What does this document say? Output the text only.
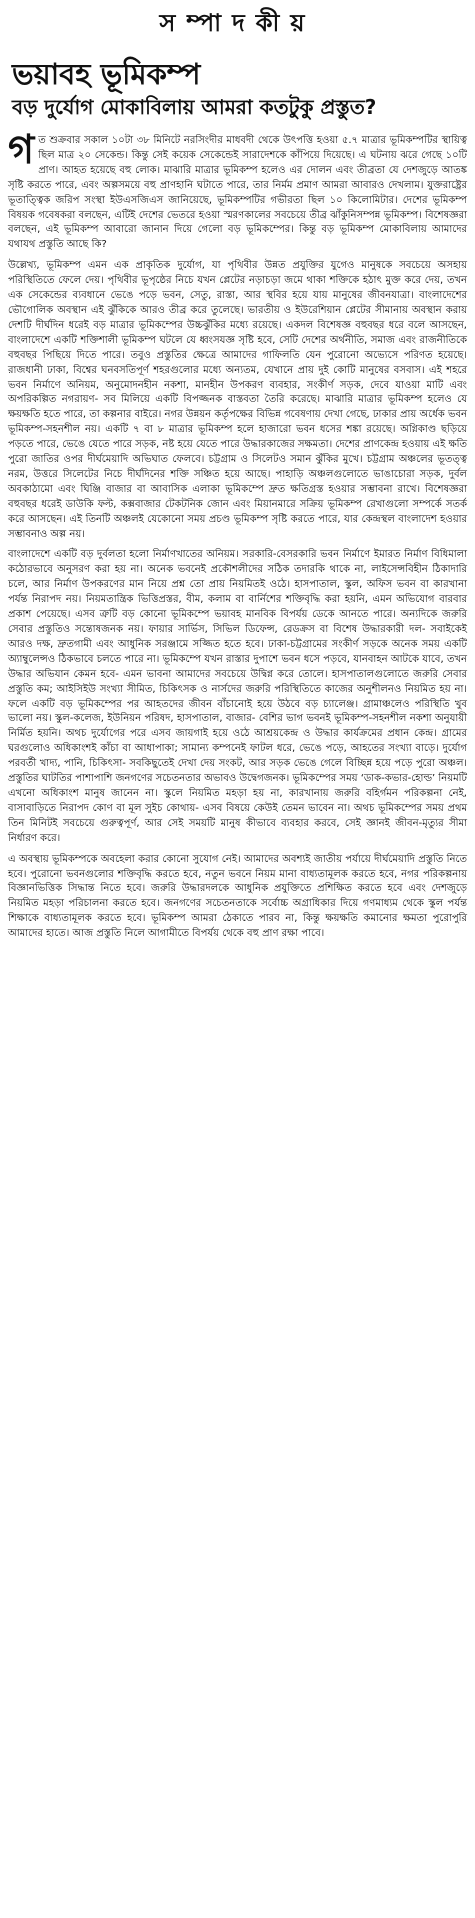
সম্পাদকীয়
ভয়াবহ ভূমিকম্প
বড় দুর্যোগ মোকাবিলায় আমরা কতটুকু প্রস্তুত?

গত শুক্রবার সকাল ১০টা ৩৮ মিনিটে নরসিংদীর মাধবদী থেকে উৎপত্তি হওয়া ৫.৭ মাত্রার ভূমিকম্পটির স্থায়িত্ব ছিল মাত্র ২০ সেকেন্ড। কিন্তু সেই কয়েক সেকেন্ডেই সারাদেশকে কাঁপিয়ে দিয়েছে। এ ঘটনায় ঝরে গেছে ১০টি প্রাণ। আহত হয়েছে বহু লোক। মাঝারি মাত্রার ভূমিকম্প হলেও এর দোলন এবং তীব্রতা যে দেশজুড়ে আতঙ্ক সৃষ্টি করতে পারে, এবং অল্পসময়ে বহু প্রাণহানি ঘটাতে পারে, তার নির্মম প্রমাণ আমরা আবারও দেখলাম। যুক্তরাষ্ট্রের ভূতাত্ত্বিক জরিপ সংস্থা ইউএসজিএস জানিয়েছে, ভূমিকম্পটির গভীরতা ছিল ১০ কিলোমিটার। দেশের ভূমিকম্প বিষয়ক গবেষকরা বলছেন, এটিই দেশের ভেতরে হওয়া স্মরণকালের সবচেয়ে তীব্র ঝাঁকুনিসম্পন্ন ভূমিকম্প। বিশেষজ্ঞরা বলছেন, এই ভূমিকম্প আবারো জানান দিয়ে গেলো বড় ভূমিকম্পের। কিন্তু বড় ভূমিকম্প মোকাবিলায় আমাদের যথাযথ প্রস্তুতি আছে কি?

উল্লেখ্য, ভূমিকম্প এমন এক প্রাকৃতিক দুর্যোগ, যা পৃথিবীর উন্নত প্রযুক্তির যুগেও মানুষকে সবচেয়ে অসহায় পরিস্থিতিতে ফেলে দেয়। পৃথিবীর ভূপৃষ্ঠের নিচে যখন প্লেটের নড়াচড়া জমে থাকা শক্তিকে হঠাৎ মুক্ত করে দেয়, তখন এক সেকেন্ডের ব্যবধানে ভেঙে পড়ে ভবন, সেতু, রাস্তা, আর স্থবির হয়ে যায় মানুষের জীবনযাত্রা। বাংলাদেশের ভৌগোলিক অবস্থান এই ঝুঁকিকে আরও তীব্র করে তুলেছে। ভারতীয় ও ইউরেশিয়ান প্লেটের সীমানায় অবস্থান করায় দেশটি দীর্ঘদিন ধরেই বড় মাত্রার ভূমিকম্পের উচ্চঝুঁকির মধ্যে রয়েছে। একদল বিশেষজ্ঞ বহুবছর ধরে বলে আসছেন, বাংলাদেশে একটি শক্তিশালী ভূমিকম্প ঘটলে যে ধ্বংসযজ্ঞ সৃষ্টি হবে, সেটি দেশের অর্থনীতি, সমাজ এবং রাজনীতিকে বহুবছর পিছিয়ে দিতে পারে। তবুও প্রস্তুতির ক্ষেত্রে আমাদের গাফিলতি যেন পুরোনো অভ্যেসে পরিণত হয়েছে। রাজধানী ঢাকা, বিশ্বের ঘনবসতিপূর্ণ শহরগুলোর মধ্যে অন্যতম, যেখানে প্রায় দুই কোটি মানুষের বসবাস। এই শহরে ভবন নির্মাণে অনিয়ম, অনুমোদনহীন নকশা, মানহীন উপকরণ ব্যবহার, সংকীর্ণ সড়ক, দেবে যাওয়া মাটি এবং অপরিকল্পিত নগরায়ণ- সব মিলিয়ে একটি বিপজ্জনক বাস্তবতা তৈরি করেছে। মাঝারি মাত্রার ভূমিকম্প হলেও যে ক্ষয়ক্ষতি হতে পারে, তা কল্পনার বাইরে। নগর উন্নয়ন কর্তৃপক্ষের বিভিন্ন গবেষণায় দেখা গেছে, ঢাকার প্রায় অর্ধেক ভবন ভূমিকম্প-সহনশীল নয়। একটি ৭ বা ৮ মাত্রার ভূমিকম্প হলে হাজারো ভবন ধসের শঙ্কা রয়েছে। অগ্নিকাণ্ড ছড়িয়ে পড়তে পারে, ভেঙে যেতে পারে সড়ক, নষ্ট হয়ে যেতে পারে উদ্ধারকাজের সক্ষমতা। দেশের প্রাণকেন্দ্র হওয়ায় এই ক্ষতি পুরো জাতির ওপর দীর্ঘমেয়াদি অভিঘাত ফেলবে। চট্টগ্রাম ও সিলেটও সমান ঝুঁকির মুখে। চট্টগ্রাম অঞ্চলের ভূতত্ত্ব নরম, উত্তরে সিলেটের নিচে দীর্ঘদিনের শক্তি সঞ্চিত হয়ে আছে। পাহাড়ি অঞ্চলগুলোতে ভাঙাচোরা সড়ক, দুর্বল অবকাঠামো এবং ঘিঞ্জি বাজার বা আবাসিক এলাকা ভূমিকম্পে দ্রুত ক্ষতিগ্রস্ত হওয়ার সম্ভাবনা রাখে। বিশেষজ্ঞরা বহুবছর ধরেই ডাউকি ফল্ট, কক্সবাজার টেকটনিক জোন এবং মিয়ানমারে সক্রিয় ভূমিকম্প রেখাগুলো সম্পর্কে সতর্ক করে আসছেন। এই তিনটি অঞ্চলই যেকোনো সময় প্রচণ্ড ভূমিকম্প সৃষ্টি করতে পারে, যার কেন্দ্রস্থল বাংলাদেশ হওয়ার সম্ভাবনাও অল্প নয়।

বাংলাদেশে একটি বড় দুর্বলতা হলো নির্মাণখাতের অনিয়ম। সরকারি-বেসরকারি ভবন নির্মাণে ইমারত নির্মাণ বিধিমালা কঠোরভাবে অনুসরণ করা হয় না। অনেক ভবনেই প্রকৌশলীদের সঠিক তদারকি থাকে না, লাইসেন্সবিহীন ঠিকাদারি চলে, আর নির্মাণ উপকরণের মান নিয়ে প্রশ্ন তো প্রায় নিয়মিতই ওঠে। হাসপাতাল, স্কুল, অফিস ভবন বা কারখানা পর্যন্ত নিরাপদ নয়। নিয়মতান্ত্রিক ভিত্তিপ্রস্তর, বীম, কলাম বা বার্নিশের শক্তিবৃদ্ধি করা হয়নি, এমন অভিযোগ বারবার প্রকাশ পেয়েছে। এসব ত্রুটি বড় কোনো ভূমিকম্পে ভয়াবহ মানবিক বিপর্যয় ডেকে আনতে পারে। অন্যদিকে জরুরি সেবার প্রস্তুতিও সন্তোষজনক নয়। ফায়ার সার্ভিস, সিভিল ডিফেন্স, রেডক্রস বা বিশেষ উদ্ধারকারী দল- সবাইকেই আরও দক্ষ, দ্রুতগামী এবং আধুনিক সরঞ্জামে সজ্জিত হতে হবে। ঢাকা-চট্টগ্রামের সংকীর্ণ সড়কে অনেক সময় একটি অ্যাম্বুলেন্সও ঠিকভাবে চলতে পারে না। ভূমিকম্পে যখন রাস্তার দুপাশে ভবন ধসে পড়বে, যানবাহন আটকে যাবে, তখন উদ্ধার অভিযান কেমন হবে- এমন ভাবনা আমাদের সবচেয়ে উদ্বিগ্ন করে তোলে। হাসপাতালগুলোতে জরুরি সেবার প্রস্তুতি কম; আইসিইউ সংখ্যা সীমিত, চিকিৎসক ও নার্সদের জরুরি পরিস্থিতিতে কাজের অনুশীলনও নিয়মিত হয় না। ফলে একটি বড় ভূমিকম্পের পর আহতদের জীবন বাঁচানোই হয়ে উঠবে বড় চ্যালেঞ্জ। গ্রামাঞ্চলেও পরিস্থিতি খুব ভালো নয়। স্কুল-কলেজ, ইউনিয়ন পরিষদ, হাসপাতাল, বাজার- বেশির ভাগ ভবনই ভূমিকম্প-সহনশীল নকশা অনুযায়ী নির্মিত হয়নি। অথচ দুর্যোগের পরে এসব জায়গাই হয়ে ওঠে আশ্রয়কেন্দ্র ও উদ্ধার কার্যক্রমের প্রধান কেন্দ্র। গ্রামের ঘরগুলোও অধিকাংশই কাঁচা বা আধাপাকা; সামান্য কম্পনেই ফাটল ধরে, ভেঙে পড়ে, আহতের সংখ্যা বাড়ে। দুর্যোগ পরবর্তী খাদ্য, পানি, চিকিৎসা- সবকিছুতেই দেখা দেয় সংকট, আর সড়ক ভেঙে গেলে বিচ্ছিন্ন হয়ে পড়ে পুরো অঞ্চল। প্রস্তুতির ঘাটতির পাশাপাশি জনগণের সচেতনতার অভাবও উদ্বেগজনক। ভূমিকম্পের সময় ‘ডাক-কভার-হোল্ড’ নিয়মটি এখনো অধিকাংশ মানুষ জানেন না। স্কুলে নিয়মিত মহড়া হয় না, কারখানায় জরুরি বহির্গমন পরিকল্পনা নেই, বাসাবাড়িতে নিরাপদ কোণ বা মূল সুইচ কোথায়- এসব বিষয়ে কেউই তেমন ভাবেন না। অথচ ভূমিকম্পের সময় প্রথম তিন মিনিটই সবচেয়ে গুরুত্বপূর্ণ, আর সেই সময়টি মানুষ কীভাবে ব্যবহার করবে, সেই জ্ঞানই জীবন-মৃত্যুর সীমা নির্ধারণ করে।

এ অবস্থায় ভূমিকম্পকে অবহেলা করার কোনো সুযোগ নেই। আমাদের অবশ্যই জাতীয় পর্যায়ে দীর্ঘমেয়াদি প্রস্তুতি নিতে হবে। পুরোনো ভবনগুলোর শক্তিবৃদ্ধি করতে হবে, নতুন ভবনে নিয়ম মানা বাধ্যতামূলক করতে হবে, নগর পরিকল্পনায় বিজ্ঞানভিত্তিক সিদ্ধান্ত নিতে হবে। জরুরি উদ্ধারদলকে আধুনিক প্রযুক্তিতে প্রশিক্ষিত করতে হবে এবং দেশজুড়ে নিয়মিত মহড়া পরিচালনা করতে হবে। জনগণের সচেতনতাকে সর্বোচ্চ অগ্রাধিকার দিয়ে গণমাধ্যম থেকে স্কুল পর্যন্ত শিক্ষাকে বাধ্যতামূলক করতে হবে। ভূমিকম্প আমরা ঠেকাতে পারব না, কিন্তু ক্ষয়ক্ষতি কমানোর ক্ষমতা পুরোপুরি আমাদের হাতে। আজ প্রস্তুতি নিলে আগামীতে বিপর্যয় থেকে বহু প্রাণ রক্ষা পাবে।
